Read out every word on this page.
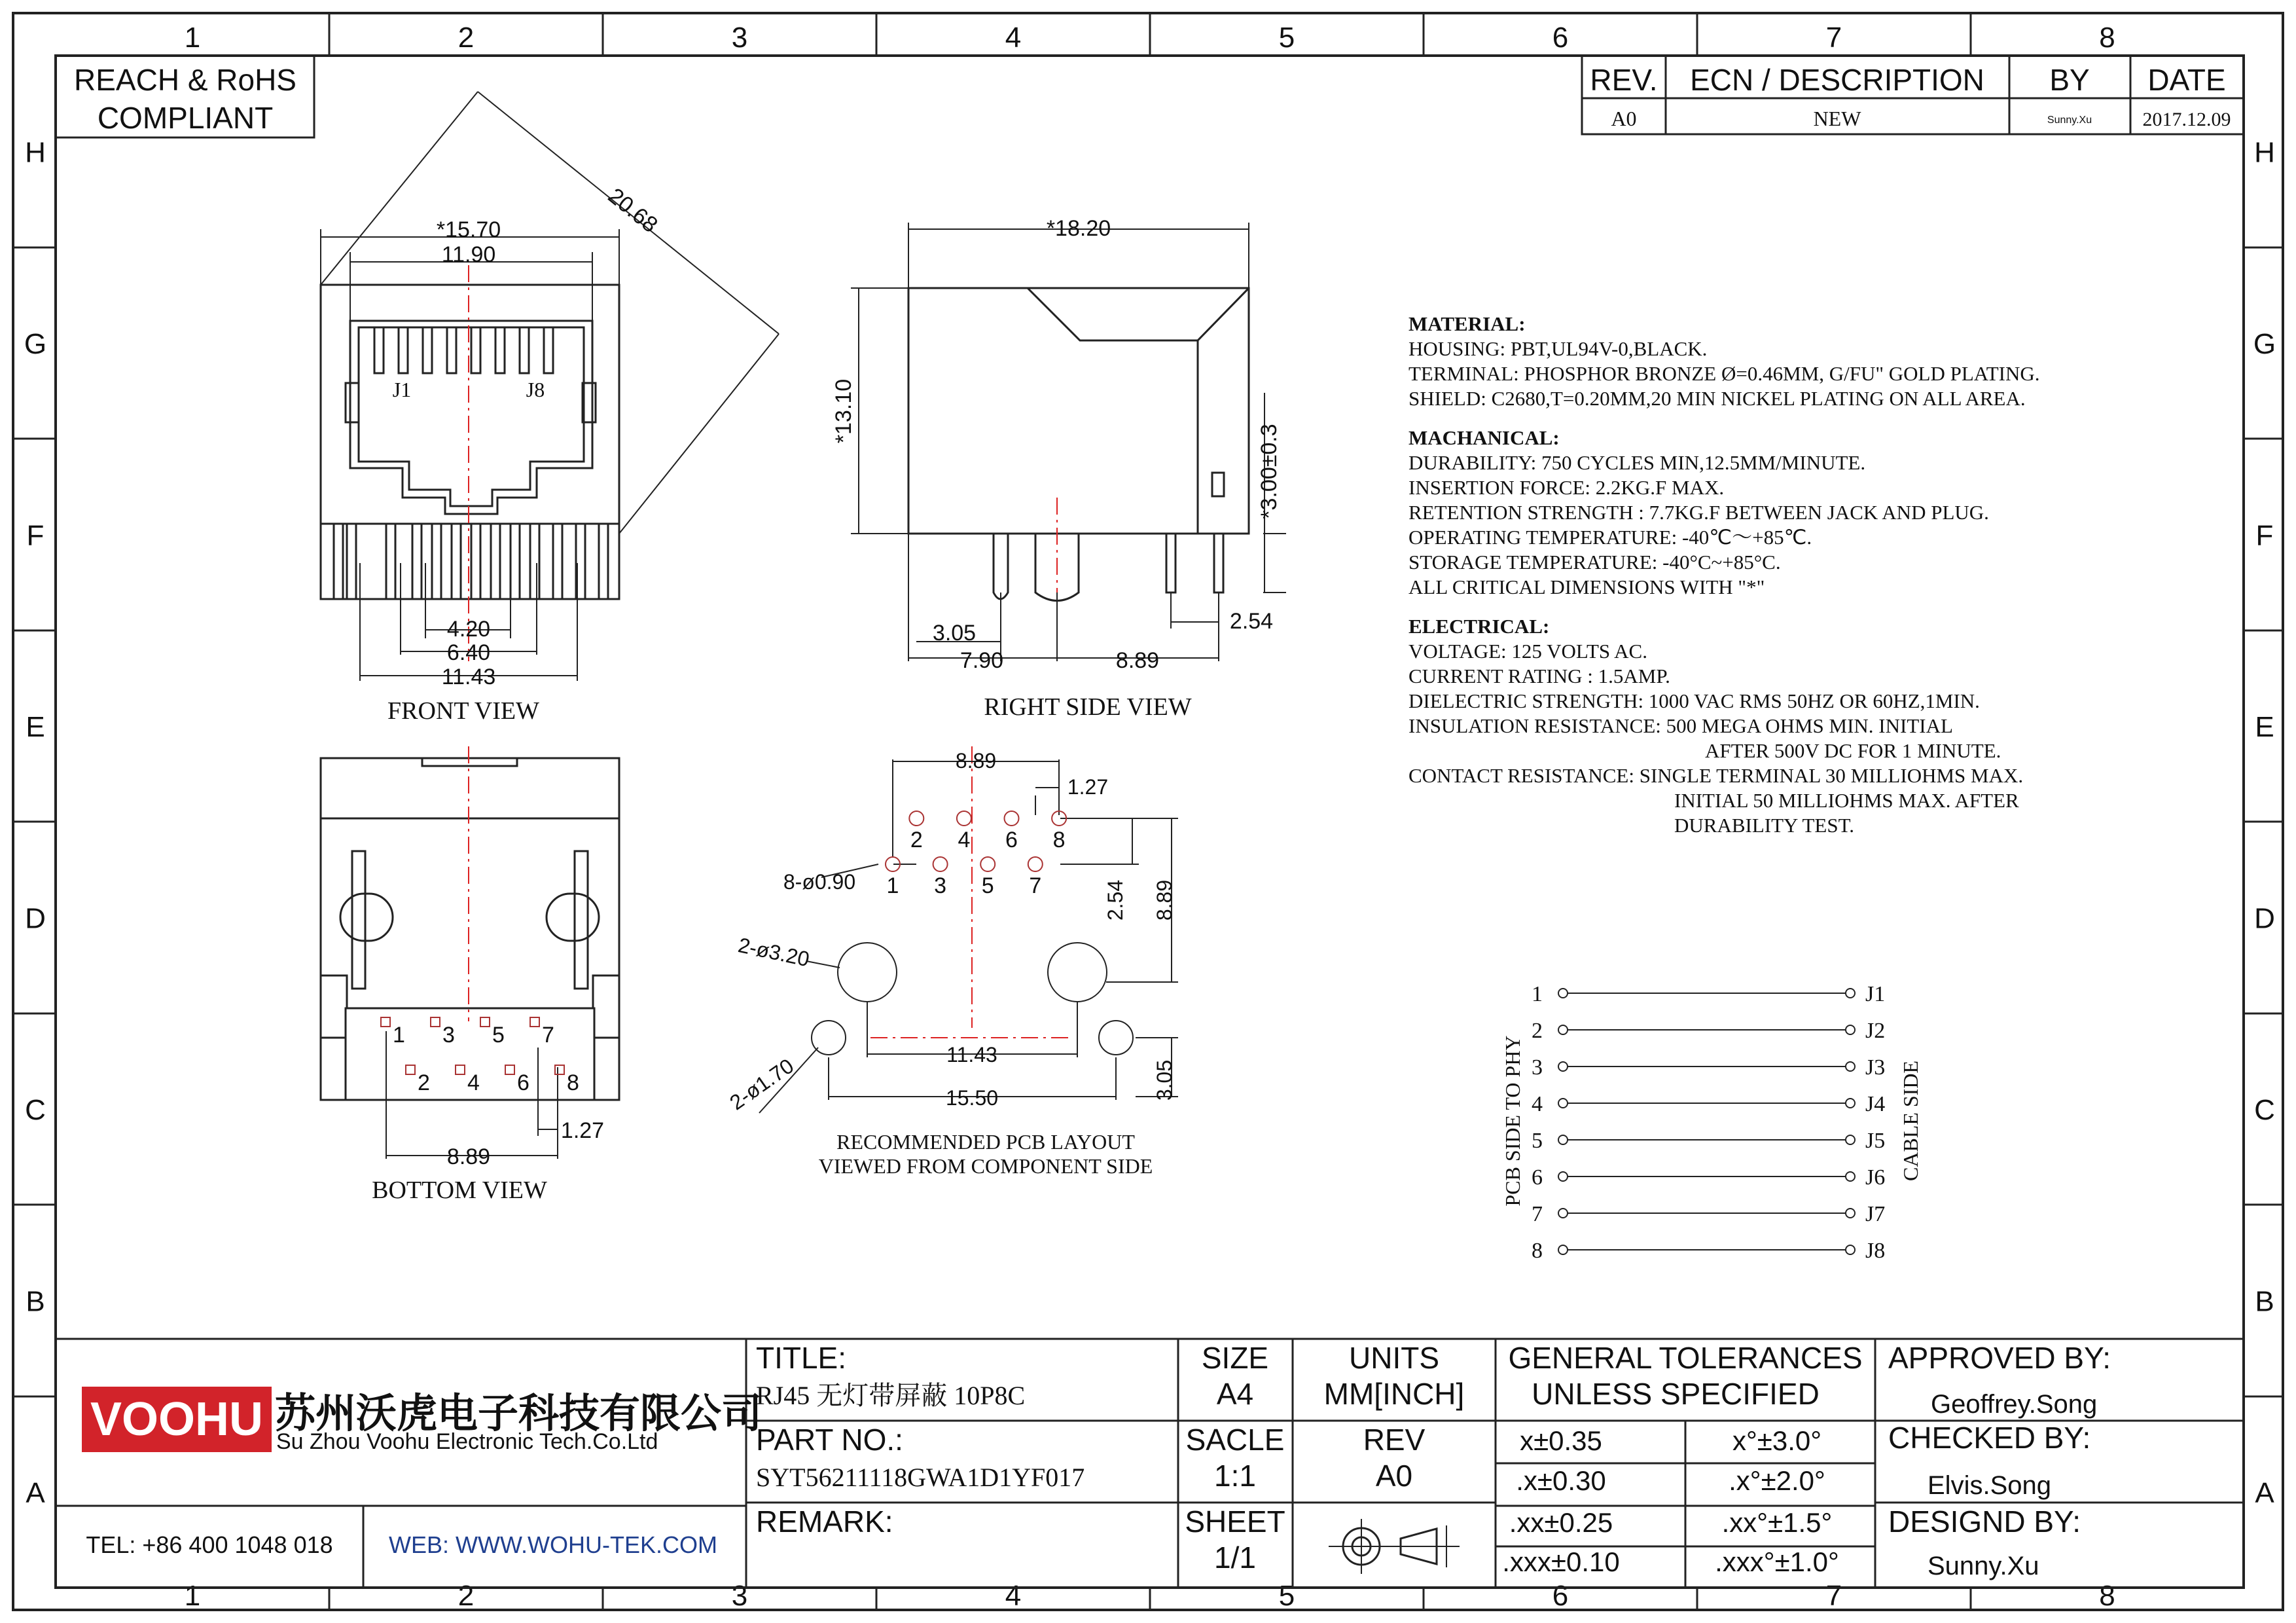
1
1
2
2
3
3
4
4
5
5
6
6
7
7
8
8
H	H
G	G
F	F
E	E
D	D
C	C
B	B
A	A
REACH & RoHS
COMPLIANT
REV. ECN / DESCRIPTION BY DATE
A0	NEW	Sunny.Xu	2017.12.09
*15.70
11.90
20.68
4.20
6.40
11.43
J1	J8
FRONT VIEW
*18.20
*13.10
*3.00±0.3
2.54
3.05
7.90	8.89
RIGHT SIDE VIEW
1
2
3
4
5
6
7
8
8.89
1.27
BOTTOM VIEW
1
2
3
4
5
6
7
8
8.89
1.27
8-ø0.90
2-ø3.20
2-ø1.70
2.54 8.89
11.43
15.50	3.05
RECOMMENDED PCB LAYOUT
VIEWED FROM COMPONENT SIDE
MATERIAL:
HOUSING: PBT,UL94V-0,BLACK.
TERMINAL: PHOSPHOR BRONZE Ø=0.46MM, G/FU" GOLD PLATING.
SHIELD: C2680,T=0.20MM,20 MIN NICKEL PLATING ON ALL AREA.
MACHANICAL:
DURABILITY: 750 CYCLES MIN,12.5MM/MINUTE.
INSERTION FORCE: 2.2KG.F MAX.
RETENTION STRENGTH : 7.7KG.F BETWEEN JACK AND PLUG.
OPERATING TEMPERATURE: -40℃～+85℃.
STORAGE TEMPERATURE: -40°C~+85°C.
ALL CRITICAL DIMENSIONS WITH "*"
ELECTRICAL:
VOLTAGE: 125 VOLTS AC.
CURRENT RATING : 1.5AMP.
DIELECTRIC STRENGTH: 1000 VAC RMS 50HZ OR 60HZ,1MIN.
INSULATION RESISTANCE: 500 MEGA OHMS MIN. INITIAL
AFTER 500V DC FOR 1 MINUTE.
CONTACT RESISTANCE: SINGLE TERMINAL 30 MILLIOHMS MAX.
INITIAL 50 MILLIOHMS MAX. AFTER
DURABILITY TEST.
1	J1
2	J2
3	J3
4	J4
5	J5
6	J6
7	J7
8	J8
PCB SIDE TO PHY	CABLE SIDE
VOOHU 苏州沃虎电子科技有限公司
Su Zhou Voohu Electronic Tech.Co.Ltd
TEL: +86 400 1048 018 WEB: WWW.WOHU-TEK.COM
TITLE:
RJ45 无灯带屏蔽 10P8C
PART NO.:
SYT56211118GWA1D1YF017
REMARK:
SIZE
A4
SACLE
1:1
SHEET
1/1
UNITS
MM[INCH]
REV
A0
GENERAL TOLERANCES
UNLESS SPECIFIED
APPROVED BY:
Geoffrey.Song
CHECKED BY:
Elvis.Song
DESIGND BY:
Sunny.Xu
x±0.35	x°±3.0°
.x±0.30	.x°±2.0°
.xx±0.25	.xx°±1.5°
.xxx±0.10	.xxx°±1.0°
